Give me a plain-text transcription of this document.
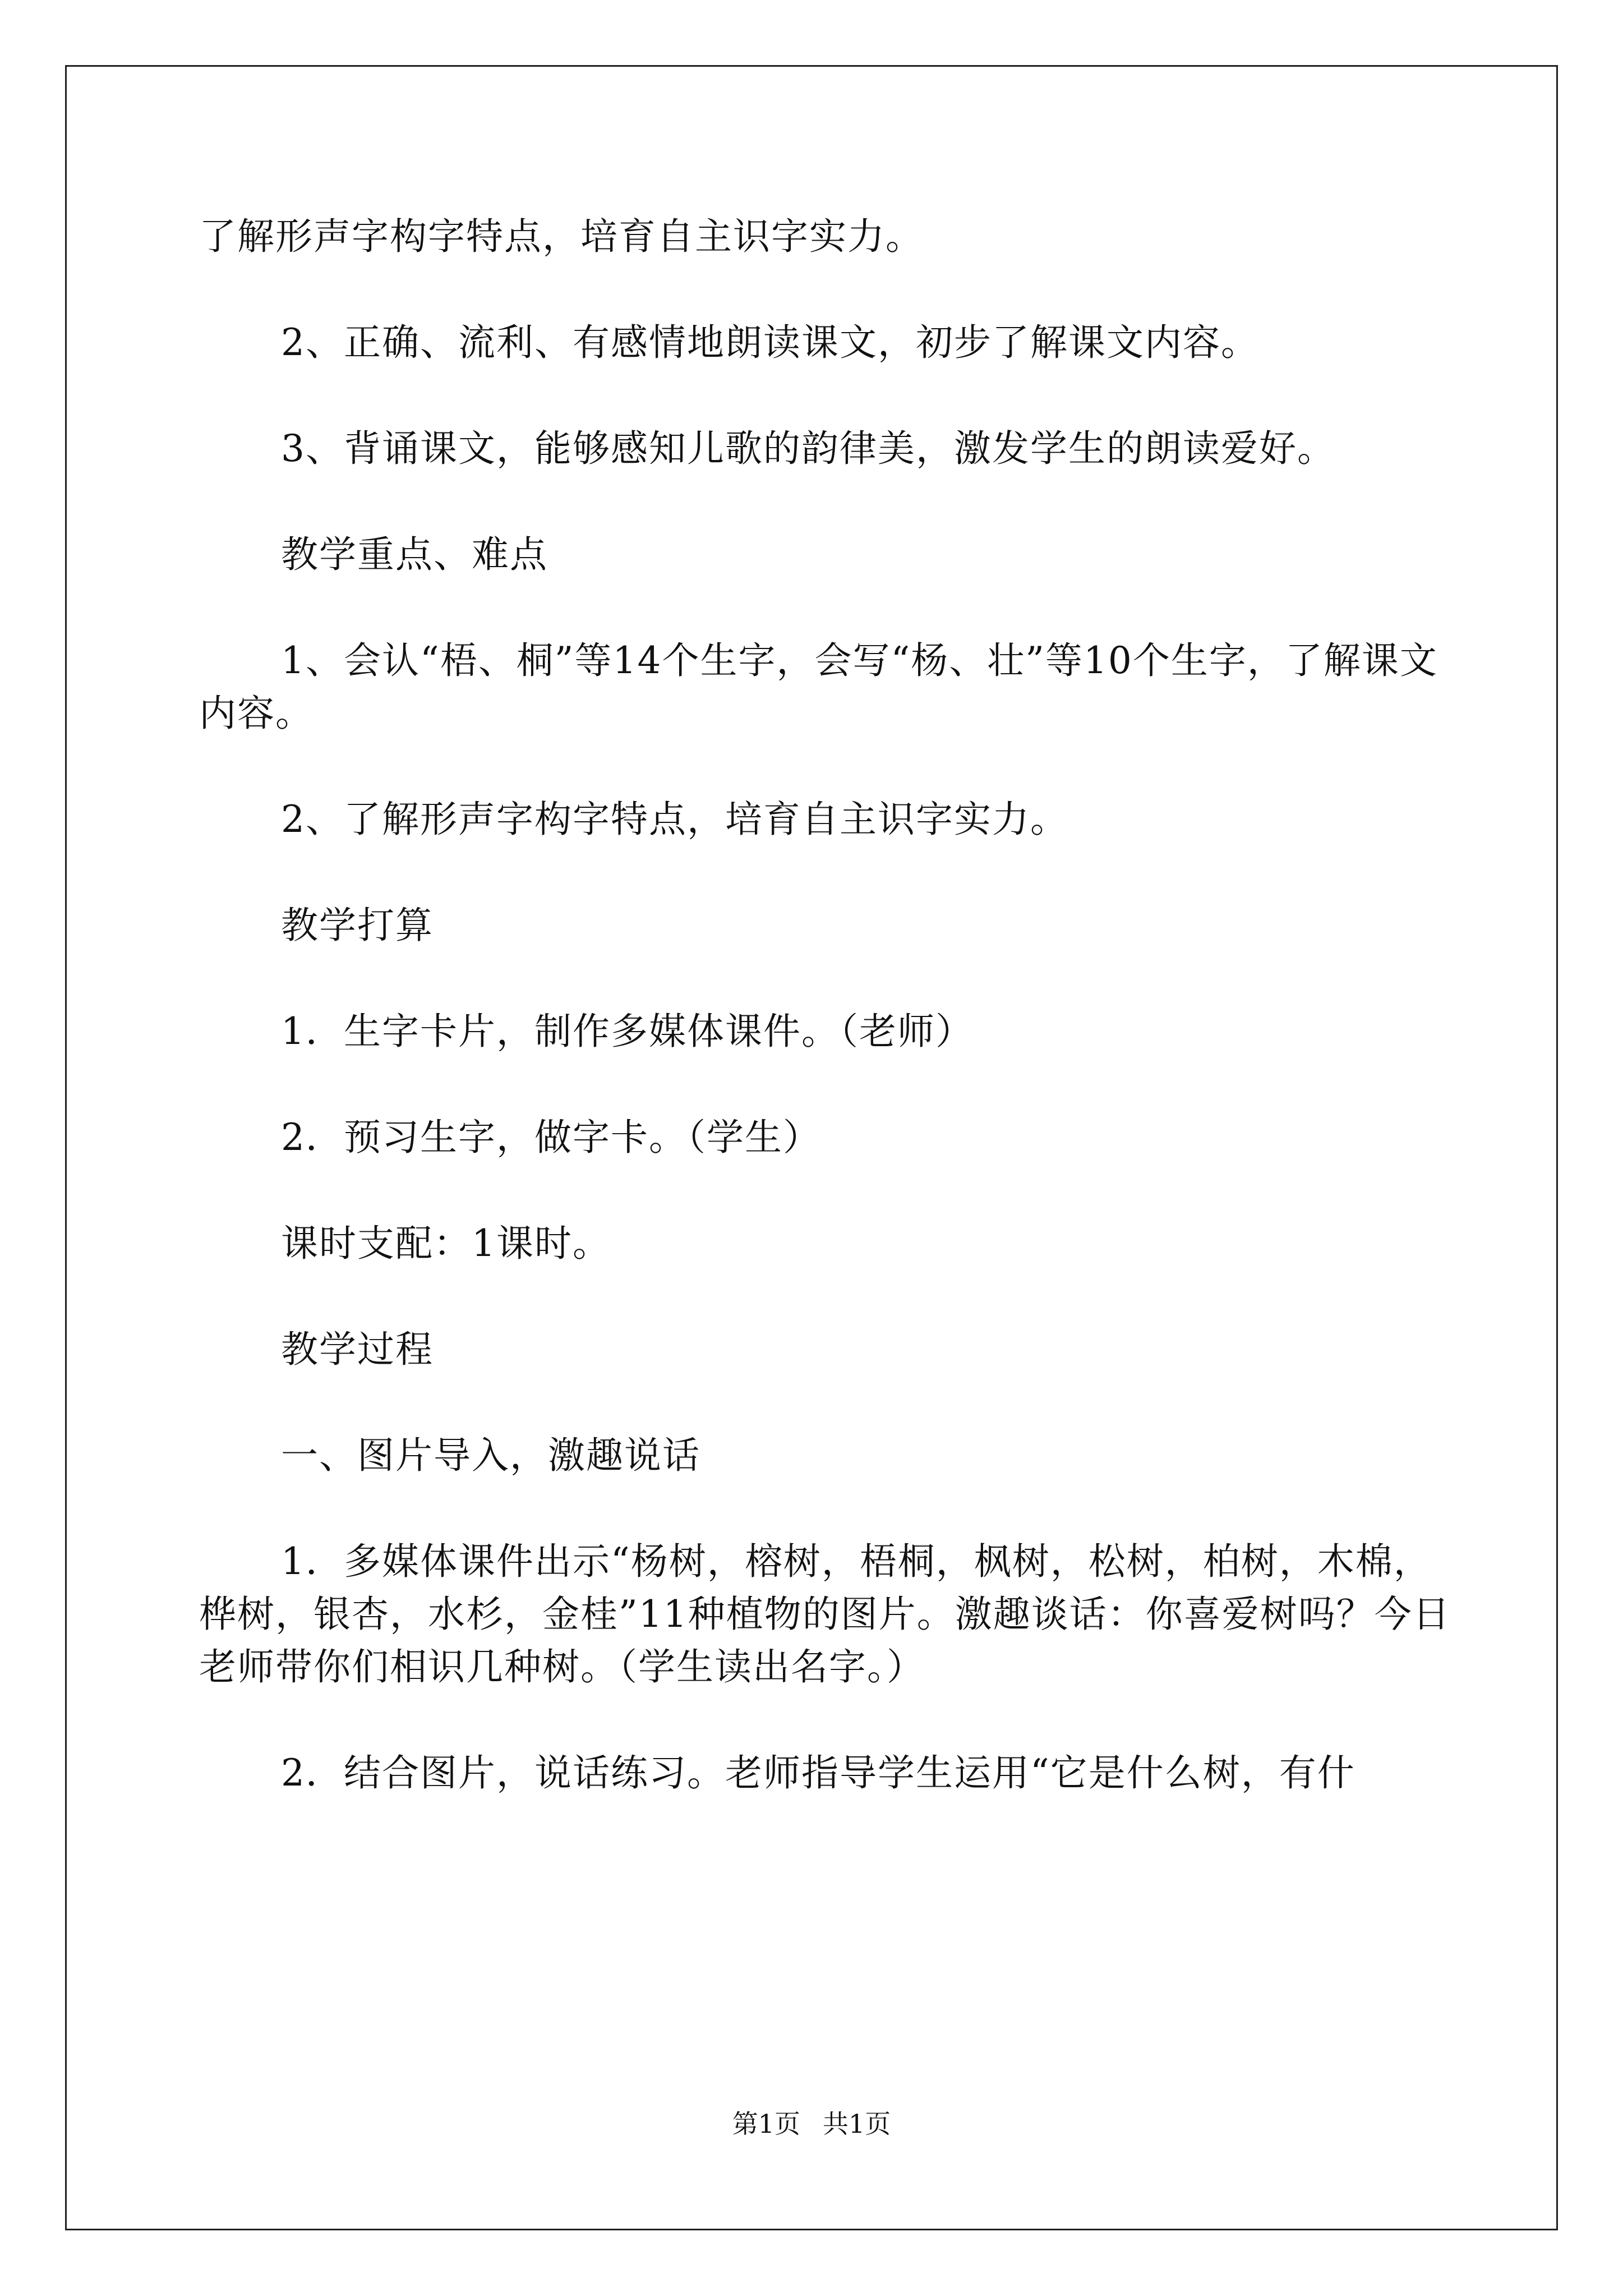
了解形声字构字特点，培育自主识字实力。

2、正确、流利、有感情地朗读课文，初步了解课文内容。

3、背诵课文，能够感知儿歌的韵律美，激发学生的朗读爱好。

教学重点、难点

1、会认“梧、桐”等14个生字，会写“杨、壮”等10个生字，了解课文内容。

2、了解形声字构字特点，培育自主识字实力。

教学打算

1．生字卡片，制作多媒体课件。（老师）

2．预习生字，做字卡。（学生）

课时支配：1课时。

教学过程

一、图片导入，激趣说话

1．多媒体课件出示“杨树，榕树，梧桐，枫树，松树，柏树，木棉，桦树，银杏，水杉，金桂”11种植物的图片。激趣谈话：你喜爱树吗？今日老师带你们相识几种树。（学生读出名字。）

2．结合图片，说话练习。老师指导学生运用“它是什么树，有什

第1页 共1页
